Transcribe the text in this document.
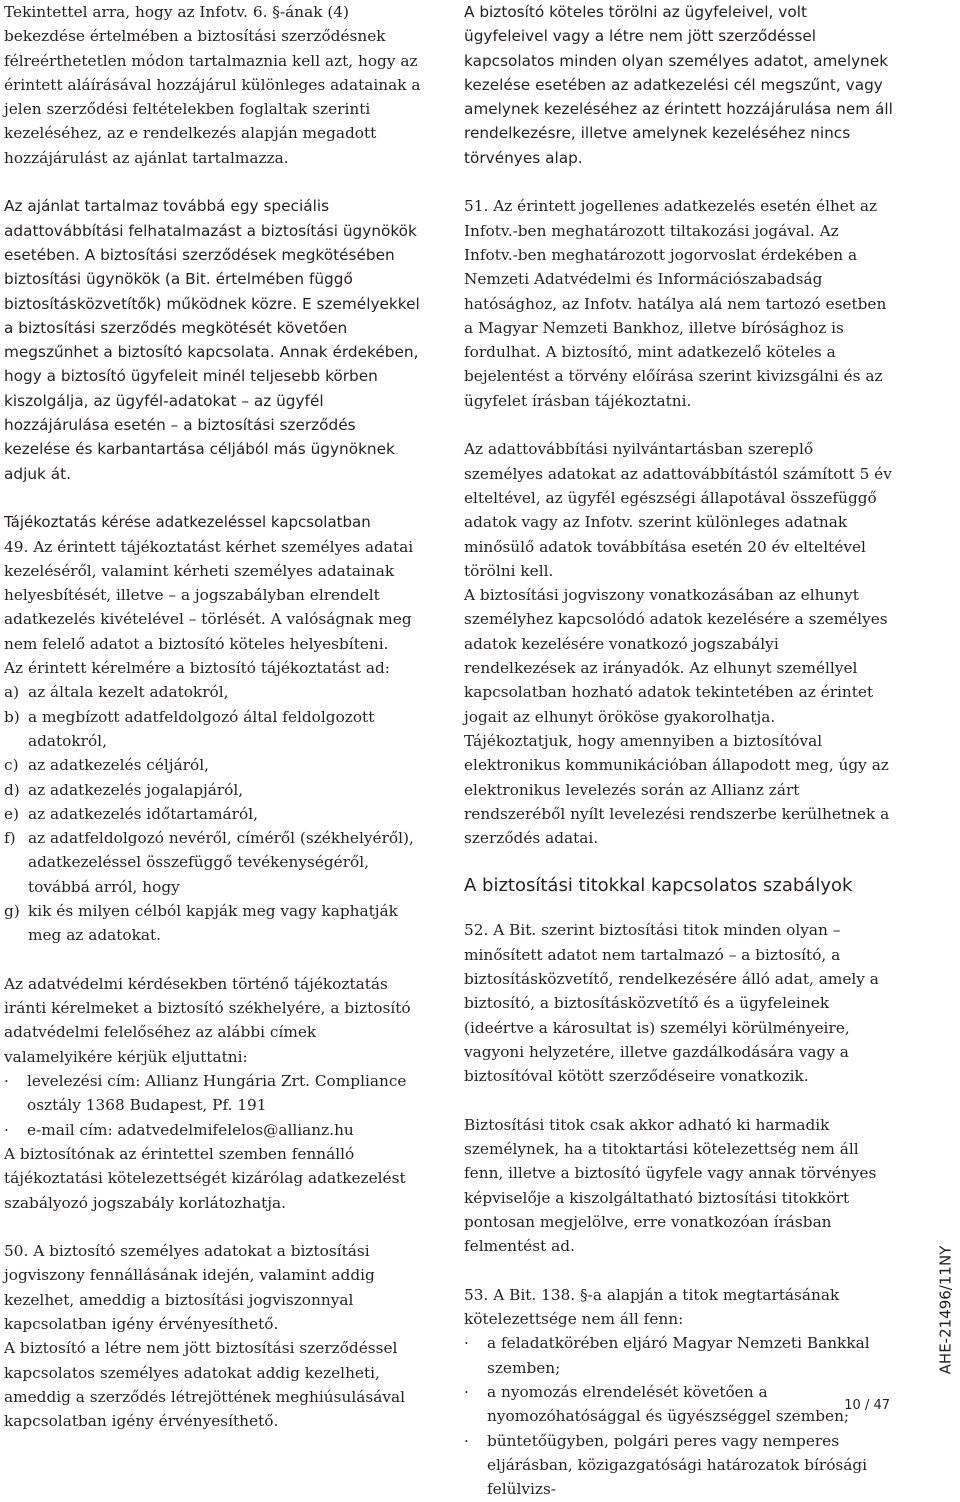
Tekintettel arra, hogy az Infotv. 6. §-ának (4) bekezdése értelmében a biztosítási szerződésnek félreérthetetlen módon tartalmaznia kell azt, hogy az érintett aláírásával hozzájárul különleges adatainak a jelen szerződési feltételekben foglaltak szerinti kezeléséhez, az e rendelkezés alapján megadott hozzájárulást az ajánlat tartalmazza.

Az ajánlat tartalmaz továbbá egy speciális adattovábbítási felhatalmazást a biztosítási ügynökök esetében. A biztosítási szerződések megkötésében biztosítási ügynökök (a Bit. értelmében függő biztosításközvetítők) működnek közre. E személyekkel a biztosítási szerződés megkötését követően megszűnhet a biztosító kapcsolata. Annak érdekében, hogy a biztosító ügyfeleit minél teljesebb körben kiszolgálja, az ügyfél-adatokat – az ügyfél hozzájárulása esetén – a biztosítási szerződés kezelése és karbantartása céljából más ügynöknek adjuk át.

Tájékoztatás kérése adatkezeléssel kapcsolatban

49. Az érintett tájékoztatást kérhet személyes adatai kezeléséről, valamint kérheti személyes adatainak helyesbítését, illetve – a jogszabályban elrendelt adatkezelés kivételével – törlését. A valóságnak meg nem felelő adatot a biztosító köteles helyesbíteni.

Az érintett kérelmére a biztosító tájékoztatást ad:

a) az általa kezelt adatokról,
b) a megbízott adatfeldolgozó által feldolgozott adatokról,
c) az adatkezelés céljáról,
d) az adatkezelés jogalapjáról,
e) az adatkezelés időtartamáról,
f) az adatfeldolgozó nevéről, címéről (székhelyéről), adatkezeléssel összefüggő tevékenységéről, továbbá arról, hogy
g) kik és milyen célból kapják meg vagy kaphatják meg az adatokat.

Az adatvédelmi kérdésekben történő tájékoztatás iránti kérelmeket a biztosító székhelyére, a biztosító adatvédelmi felelőséhez az alábbi címek valamelyikére kérjük eljuttatni:

·	levelezési cím: Allianz Hungária Zrt. Compliance osztály 1368 Budapest, Pf. 191
·	e-mail cím: adatvedelmifelelos@allianz.hu

A biztosítónak az érintettel szemben fennálló tájékoztatási kötelezettségét kizárólag adatkezelést szabályozó jogszabály korlátozhatja.

50. A biztosító személyes adatokat a biztosítási jogviszony fennállásának idején, valamint addig kezelhet, ameddig a biztosítási jogviszonnyal kapcsolatban igény érvényesíthető.

A biztosító a létre nem jött biztosítási szerződéssel kapcsolatos személyes adatokat addig kezelheti, ameddig a szerződés létrejöttének meghiúsulásával kapcsolatban igény érvényesíthető.

A biztosító köteles törölni az ügyfeleivel, volt ügyfeleivel vagy a létre nem jött szerződéssel kapcsolatos minden olyan személyes adatot, amelynek kezelése esetében az adatkezelési cél megszűnt, vagy amelynek kezeléséhez az érintett hozzájárulása nem áll rendelkezésre, illetve amelynek kezeléséhez nincs törvényes alap.

51. Az érintett jogellenes adatkezelés esetén élhet az Infotv.-ben meghatározott tiltakozási jogával. Az Infotv.-ben meghatározott jogorvoslat érdekében a Nemzeti Adatvédelmi és Információszabadság hatósághoz, az Infotv. hatálya alá nem tartozó esetben a Magyar Nemzeti Bankhoz, illetve bírósághoz is fordulhat. A biztosító, mint adatkezelő köteles a bejelentést a törvény előírása szerint kivizsgálni és az ügyfelet írásban tájékoztatni.

Az adattovábbítási nyilvántartásban szereplő személyes adatokat az adattovábbítástól számított 5 év elteltével, az ügyfél egészségi állapotával összefüggő adatok vagy az Infotv. szerint különleges adatnak minősülő adatok továbbítása esetén 20 év elteltével törölni kell.

A biztosítási jogviszony vonatkozásában az elhunyt személyhez kapcsolódó adatok kezelésére a személyes adatok kezelésére vonatkozó jogszabályi rendelkezések az irányadók. Az elhunyt személlyel kapcsolatban hozható adatok tekintetében az érintet jogait az elhunyt örököse gyakorolhatja.

Tájékoztatjuk, hogy amennyiben a biztosítóval elektronikus kommunikációban állapodott meg, úgy az elektronikus levelezés során az Allianz zárt rendszeréből nyílt levelezési rendszerbe kerülhetnek a szerződés adatai.

A biztosítási titokkal kapcsolatos szabályok

52. A Bit. szerint biztosítási titok minden olyan – minősített adatot nem tartalmazó – a biztosító, a biztosításközvetítő, rendelkezésére álló adat, amely a biztosító, a biztosításközvetítő és a ügyfeleinek (ideértve a károsultat is) személyi körülményeire, vagyoni helyzetére, illetve gazdálkodására vagy a biztosítóval kötött szerződéseire vonatkozik.

Biztosítási titok csak akkor adható ki harmadik személynek, ha a titoktartási kötelezettség nem áll fenn, illetve a biztosító ügyfele vagy annak törvényes képviselője a kiszolgáltatható biztosítási titokkört pontosan megjelölve, erre vonatkozóan írásban felmentést ad.

53. A Bit. 138. §-a alapján a titok megtartásának kötelezettsége nem áll fenn:

·	a feladatkörében eljáró Magyar Nemzeti Bankkal szemben;
·	a nyomozás elrendelését követően a nyomozóhatósággal és ügyészséggel szemben;
·	büntetőügyben, polgári peres vagy nemperes eljárásban, közigazgatósági határozatok bírósági felülvizs-
AHE-21496/11NY
10 / 47
